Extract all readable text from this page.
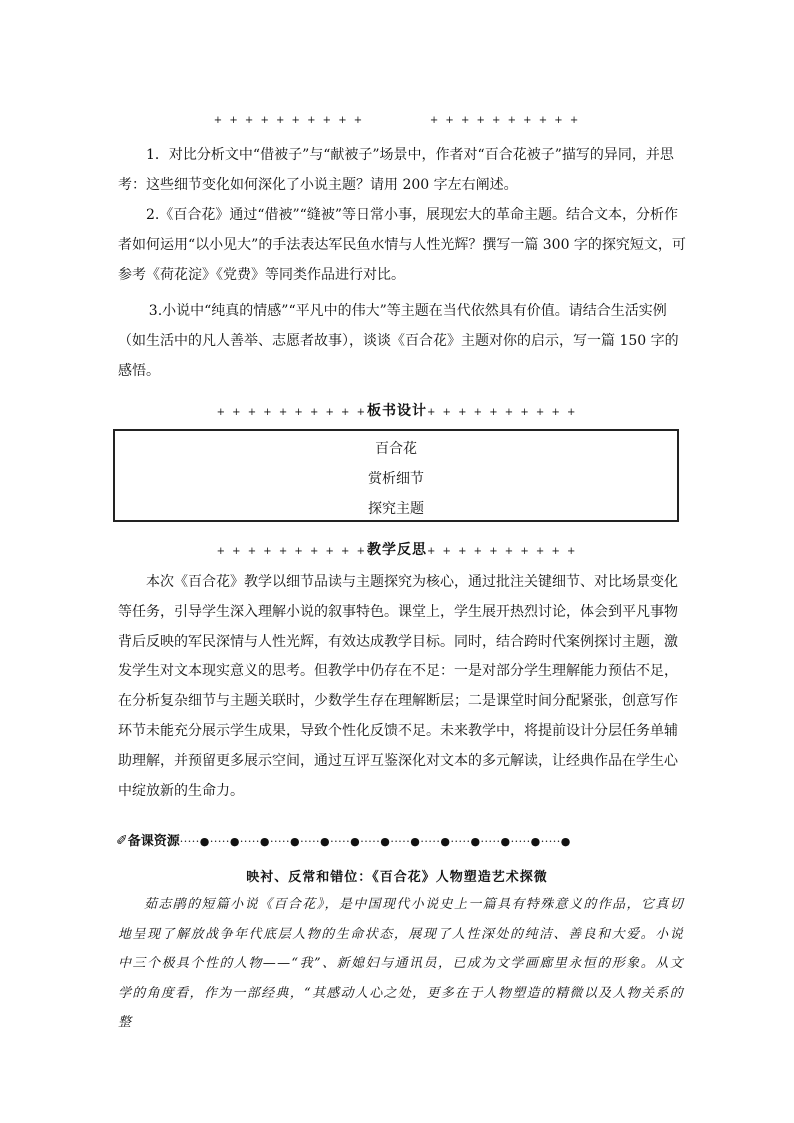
+ + + + + + + + + +	+ + + + + + + + + +
1．对比分析文中“借被子”与“献被子”场景中，作者对“百合花被子”描写的异同，并思考：这些细节变化如何深化了小说主题？请用 200 字左右阐述。
2.《百合花》通过“借被”“缝被”等日常小事，展现宏大的革命主题。结合文本，分析作者如何运用“以小见大”的手法表达军民鱼水情与人性光辉？撰写一篇 300 字的探究短文，可参考《荷花淀》《党费》等同类作品进行对比。
3.小说中“纯真的情感”“平凡中的伟大”等主题在当代依然具有价值。请结合生活实例（如生活中的凡人善举、志愿者故事），谈谈《百合花》主题对你的启示，写一篇 150 字的感悟。
+ + + + + + + + + +板书设计+ + + + + + + + + +
百合花
赏析细节
探究主题
+ + + + + + + + + +教学反思+ + + + + + + + + +

本次《百合花》教学以细节品读与主题探究为核心，通过批注关键细节、对比场景变化等任务，引导学生深入理解小说的叙事特色。课堂上，学生展开热烈讨论，体会到平凡事物背后反映的军民深情与人性光辉，有效达成教学目标。同时，结合跨时代案例探讨主题，激发学生对文本现实意义的思考。但教学中仍存在不足：一是对部分学生理解能力预估不足，在分析复杂细节与主题关联时，少数学生存在理解断层；二是课堂时间分配紧张，创意写作环节未能充分展示学生成果，导致个性化反馈不足。未来教学中，将提前设计分层任务单辅助理解，并预留更多展示空间，通过互评互鉴深化对文本的多元解读，让经典作品在学生心中绽放新的生命力。

✐备课资源·····●·····●·····●·····●·····●·····●·····●·····●·····●·····●·····●·····●·····●
映衬、反常和错位：《百合花》人物塑造艺术探微

茹志鹃的短篇小说《百合花》，是中国现代小说史上一篇具有特殊意义的作品，它真切地呈现了解放战争年代底层人物的生命状态，展现了人性深处的纯洁、善良和大爱。小说中三个极具个性的人物——“我”、新媳妇与通讯员，已成为文学画廊里永恒的形象。从文学的角度看，作为一部经典，“其感动人心之处，更多在于人物塑造的精微以及人物关系的整
